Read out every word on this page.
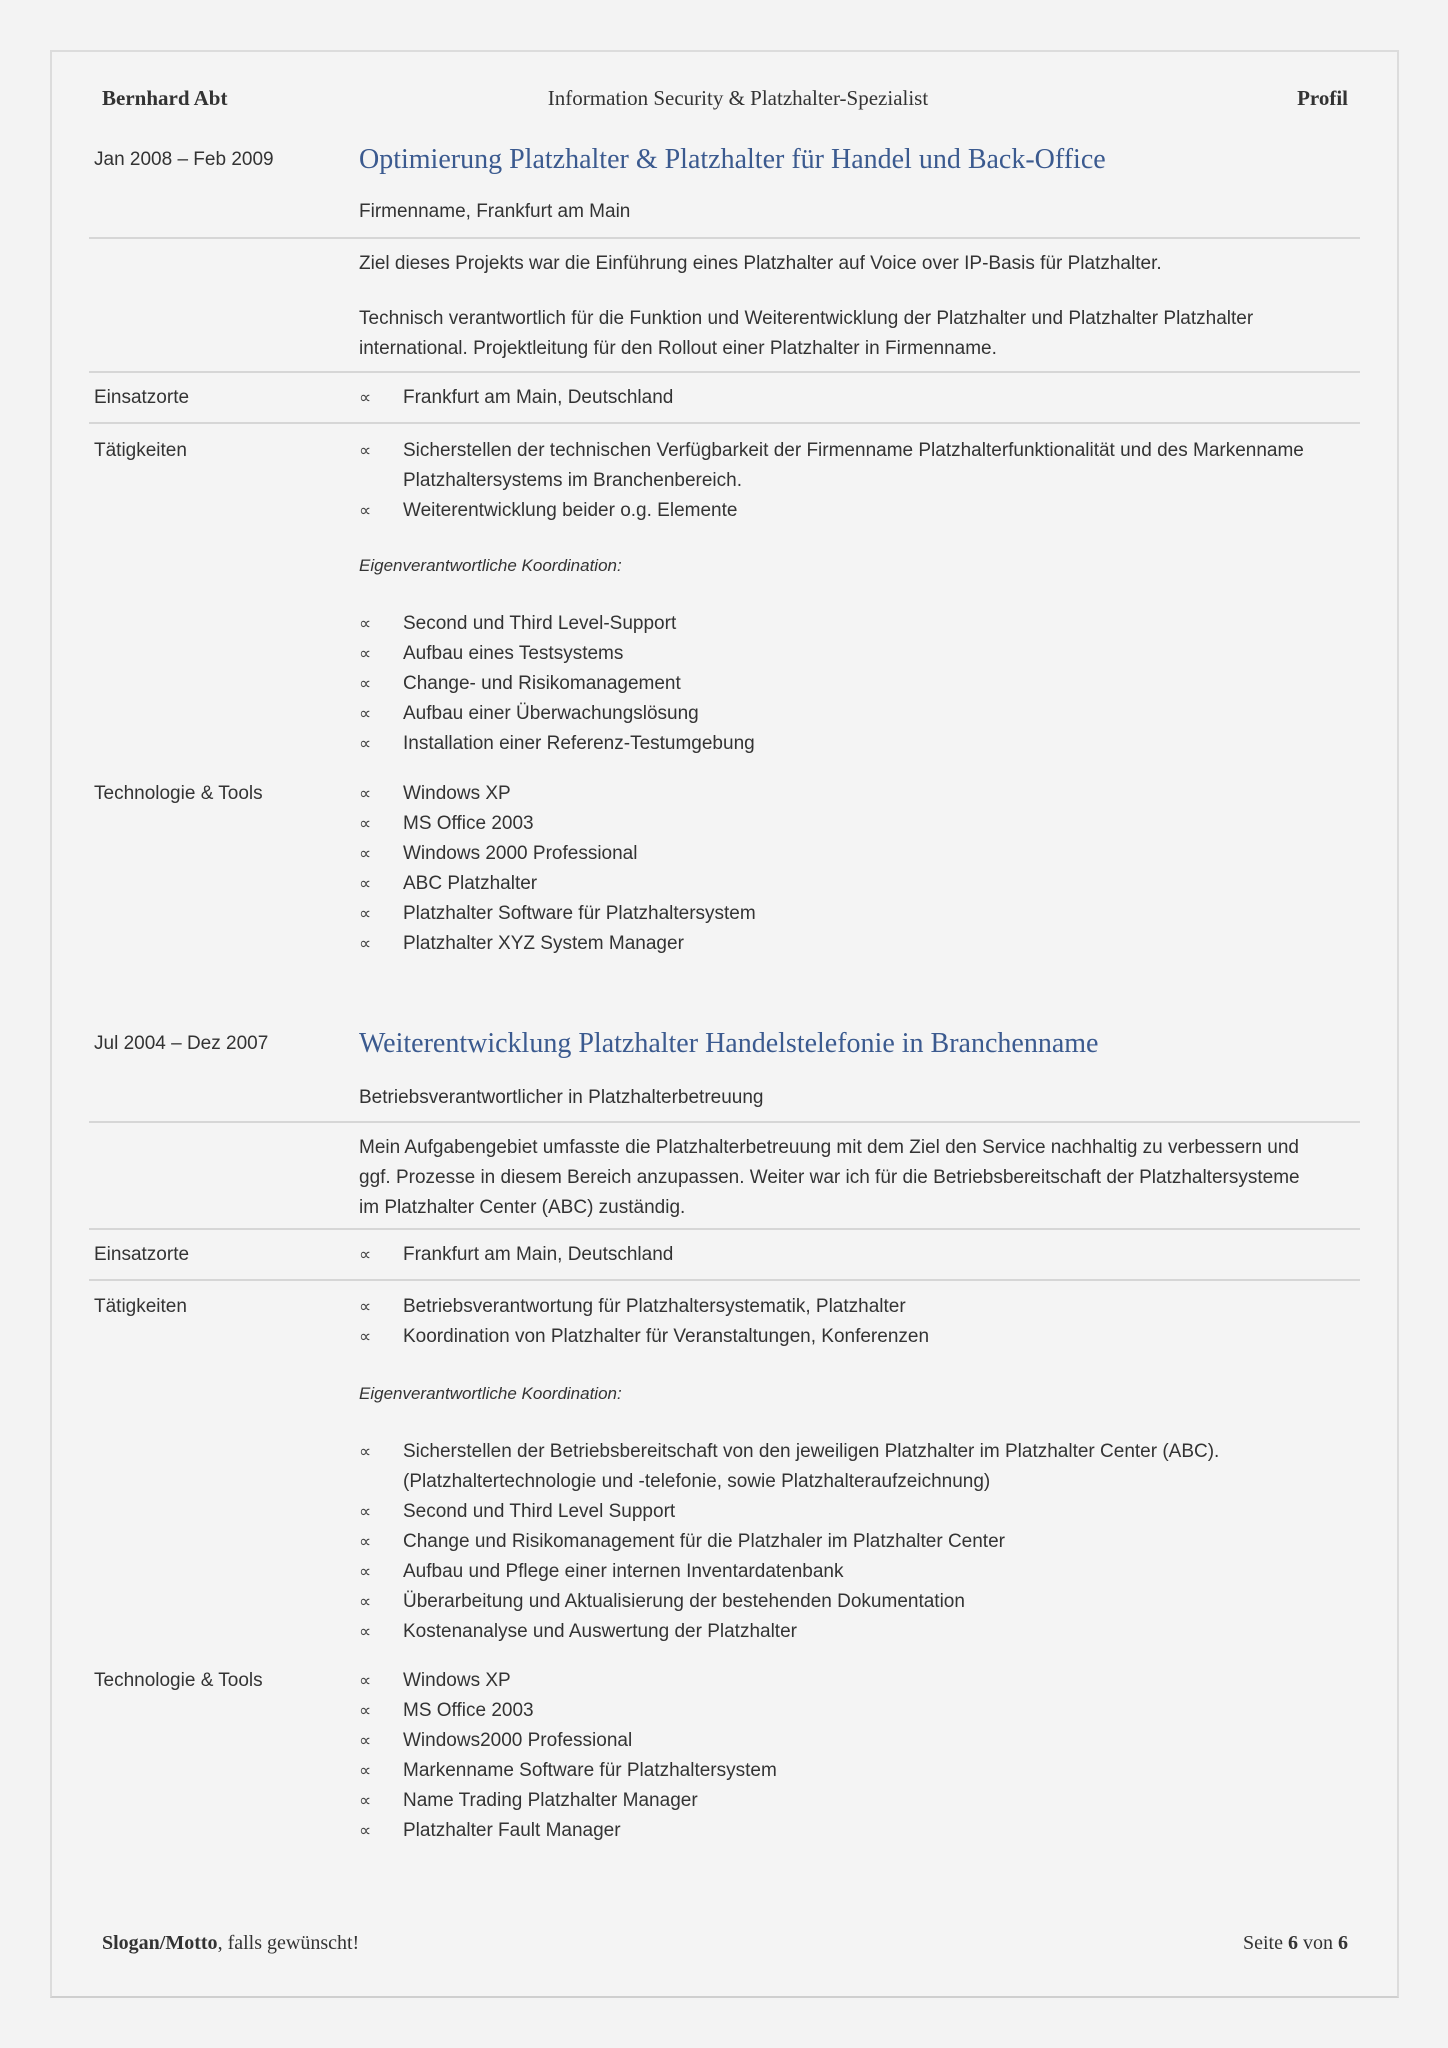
Bernhard Abt	Information Security & Platzhalter-Spezialist	Profil
Jan 2008 – Feb 2009	Optimierung Platzhalter & Platzhalter für Handel und Back-Office
Firmenname, Frankfurt am Main
Ziel dieses Projekts war die Einführung eines Platzhalter auf Voice over IP-Basis für Platzhalter.
Technisch verantwortlich für die Funktion und Weiterentwicklung der Platzhalter und Platzhalter Platzhalter international. Projektleitung für den Rollout einer Platzhalter in Firmenname.
Einsatzorte	∝ Frankfurt am Main, Deutschland
Tätigkeiten	∝ Sicherstellen der technischen Verfügbarkeit der Firmenname Platzhalterfunktionalität und des Markenname Platzhaltersystems im Branchenbereich.
∝ Weiterentwicklung beider o.g. Elemente
Eigenverantwortliche Koordination:
∝ Second und Third Level-Support
∝ Aufbau eines Testsystems
∝ Change- und Risikomanagement
∝ Aufbau einer Überwachungslösung
∝ Installation einer Referenz-Testumgebung
Technologie & Tools	∝ Windows XP
∝ MS Office 2003
∝ Windows 2000 Professional
∝ ABC Platzhalter
∝ Platzhalter Software für Platzhaltersystem
∝ Platzhalter XYZ System Manager
Jul 2004 – Dez 2007	Weiterentwicklung Platzhalter Handelstelefonie in Branchenname
Betriebsverantwortlicher in Platzhalterbetreuung
Mein Aufgabengebiet umfasste die Platzhalterbetreuung mit dem Ziel den Service nachhaltig zu verbessern und ggf. Prozesse in diesem Bereich anzupassen. Weiter war ich für die Betriebsbereitschaft der Platzhaltersysteme im Platzhalter Center (ABC) zuständig.
Einsatzorte	∝ Frankfurt am Main, Deutschland
Tätigkeiten	∝ Betriebsverantwortung für Platzhaltersystematik, Platzhalter
∝ Koordination von Platzhalter für Veranstaltungen, Konferenzen
Eigenverantwortliche Koordination:
∝ Sicherstellen der Betriebsbereitschaft von den jeweiligen Platzhalter im Platzhalter Center (ABC). (Platzhaltertechnologie und -telefonie, sowie Platzhalteraufzeichnung)
∝ Second und Third Level Support
∝ Change und Risikomanagement für die Platzhaler im Platzhalter Center
∝ Aufbau und Pflege einer internen Inventardatenbank
∝ Überarbeitung und Aktualisierung der bestehenden Dokumentation
∝ Kostenanalyse und Auswertung der Platzhalter
Technologie & Tools	∝ Windows XP
∝ MS Office 2003
∝ Windows2000 Professional
∝ Markenname Software für Platzhaltersystem
∝ Name Trading Platzhalter Manager
∝ Platzhalter Fault Manager
Slogan/Motto, falls gewünscht!	Seite 6 von 6
